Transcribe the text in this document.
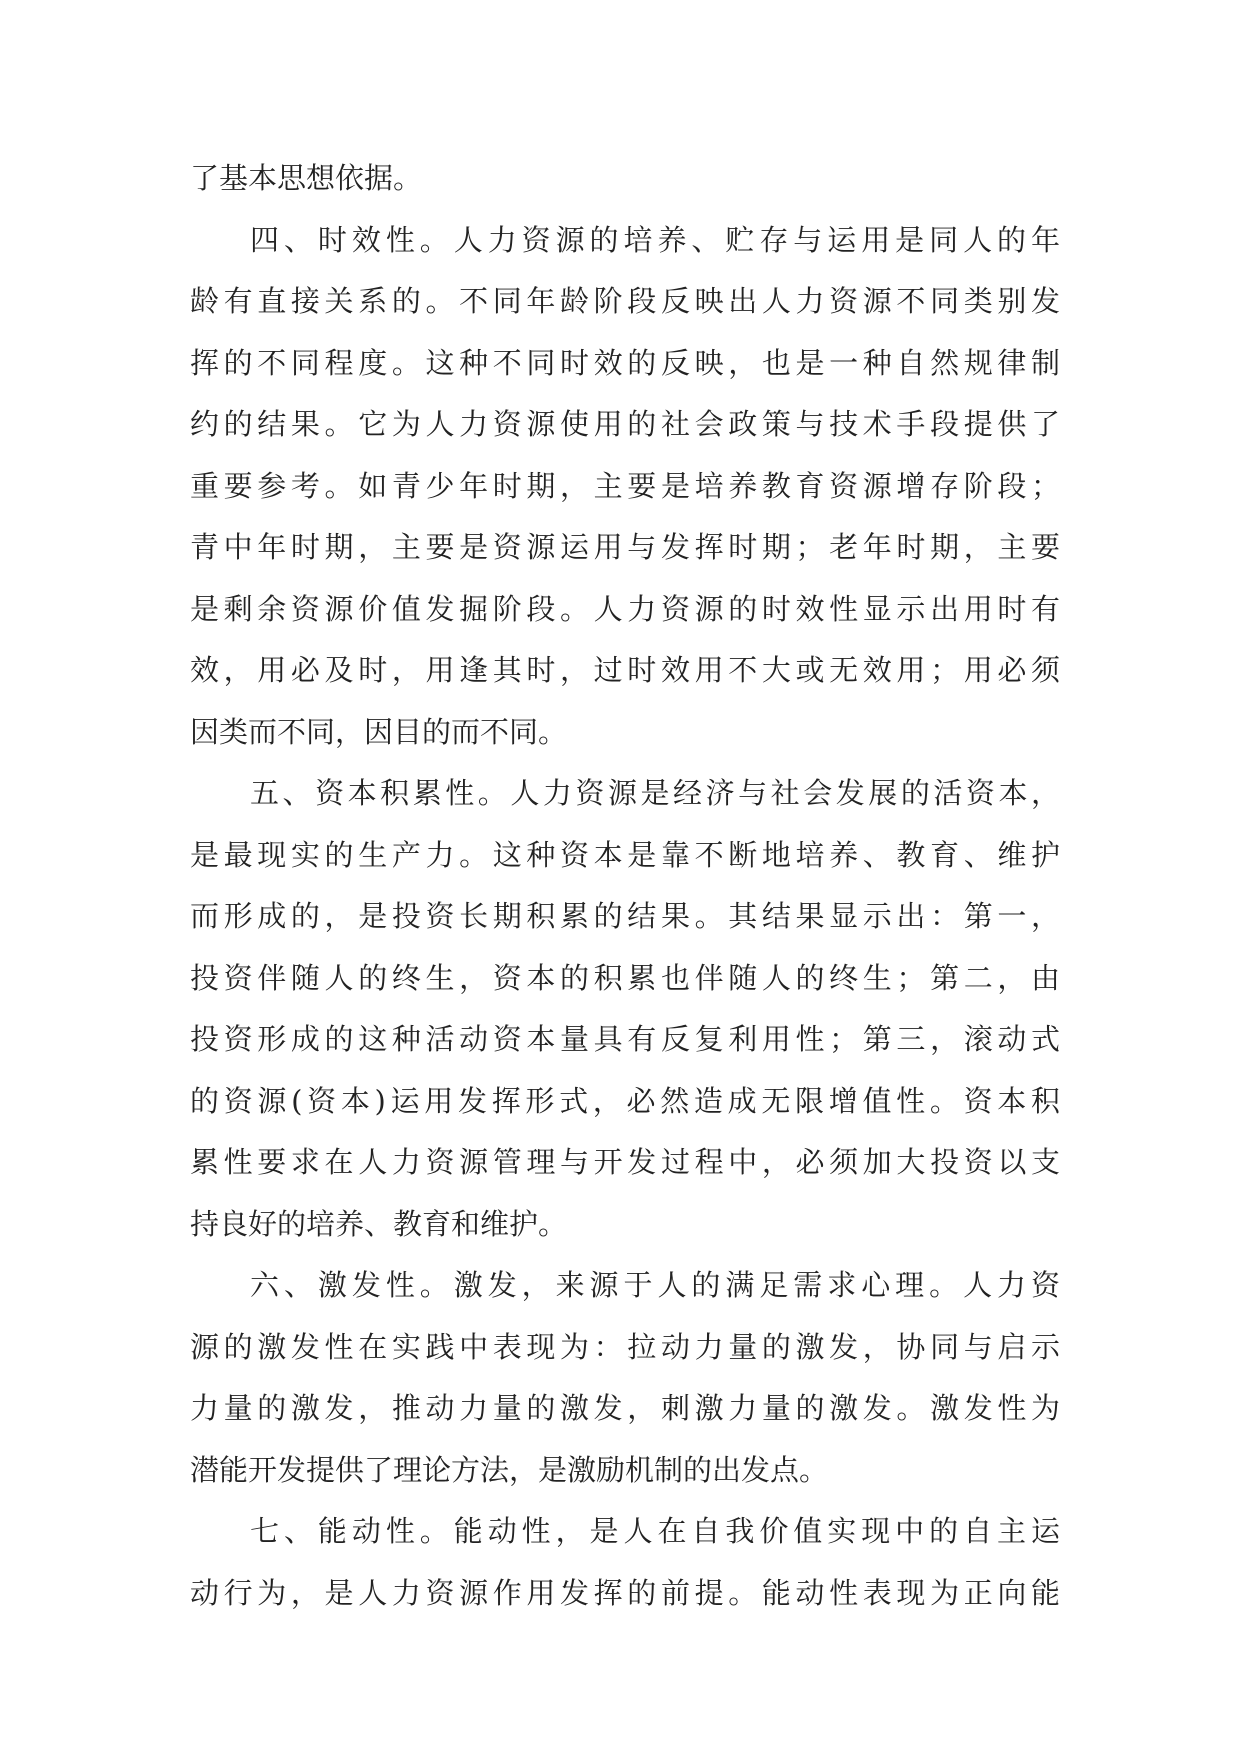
了基本思想依据。
四、时效性。人力资源的培养、贮存与运用是同人的年
龄有直接关系的。不同年龄阶段反映出人力资源不同类别发
挥的不同程度。这种不同时效的反映，也是一种自然规律制
约的结果。它为人力资源使用的社会政策与技术手段提供了
重要参考。如青少年时期，主要是培养教育资源增存阶段；
青中年时期，主要是资源运用与发挥时期；老年时期，主要
是剩余资源价值发掘阶段。人力资源的时效性显示出用时有
效，用必及时，用逢其时，过时效用不大或无效用；用必须
因类而不同，因目的而不同。
五、资本积累性。人力资源是经济与社会发展的活资本，
是最现实的生产力。这种资本是靠不断地培养、教育、维护
而形成的，是投资长期积累的结果。其结果显示出：第一，
投资伴随人的终生，资本的积累也伴随人的终生；第二，由
投资形成的这种活动资本量具有反复利用性；第三，滚动式
的资源(资本)运用发挥形式，必然造成无限增值性。资本积
累性要求在人力资源管理与开发过程中，必须加大投资以支
持良好的培养、教育和维护。
六、激发性。激发，来源于人的满足需求心理。人力资
源的激发性在实践中表现为：拉动力量的激发，协同与启示
力量的激发，推动力量的激发，刺激力量的激发。激发性为
潜能开发提供了理论方法，是激励机制的出发点。
七、能动性。能动性，是人在自我价值实现中的自主运
动行为，是人力资源作用发挥的前提。能动性表现为正向能
